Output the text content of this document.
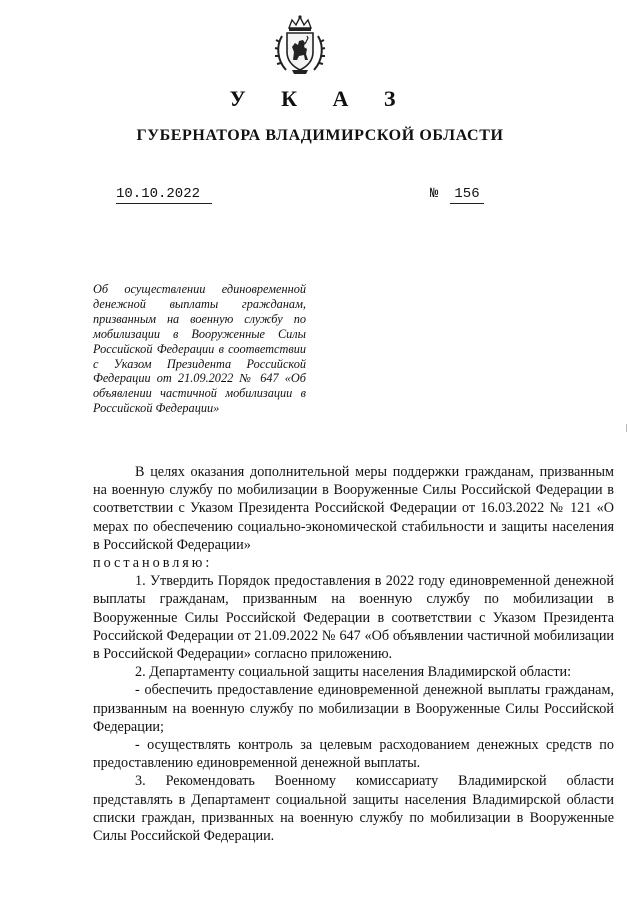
У К А З
ГУБЕРНАТОРА ВЛАДИМИРСКОЙ ОБЛАСТИ
10.10.2022	№	156
Об осуществлении единовременной денежной выплаты гражданам, призванным на военную службу по мобилизации в Вооруженные Силы Российской Федерации в соответствии с Указом Президента Российской Федерации от 21.09.2022 № 647 «Об объявлении частичной мобилизации в Российской Федерации»

В целях оказания дополнительной меры поддержки гражданам, призванным на военную службу по мобилизации в Вооруженные Силы Российской Федерации в соответствии с Указом Президента Российской Федерации от 16.03.2022 № 121 «О мерах по обеспечению социально-экономической стабильности и защиты населения в Российской Федерации»

постановляю:

1. Утвердить Порядок предоставления в 2022 году единовременной денежной выплаты гражданам, призванным на военную службу по мобилизации в Вооруженные Силы Российской Федерации в соответствии с Указом Президента Российской Федерации от 21.09.2022 № 647 «Об объявлении частичной мобилизации в Российской Федерации» согласно приложению.

2. Департаменту социальной защиты населения Владимирской области:

- обеспечить предоставление единовременной денежной выплаты гражданам, призванным на военную службу по мобилизации в Вооруженные Силы Российской Федерации;

- осуществлять контроль за целевым расходованием денежных средств по предоставлению единовременной денежной выплаты.

3. Рекомендовать Военному комиссариату Владимирской области представлять в Департамент социальной защиты населения Владимирской области списки граждан, призванных на военную службу по мобилизации в Вооруженные Силы Российской Федерации.
